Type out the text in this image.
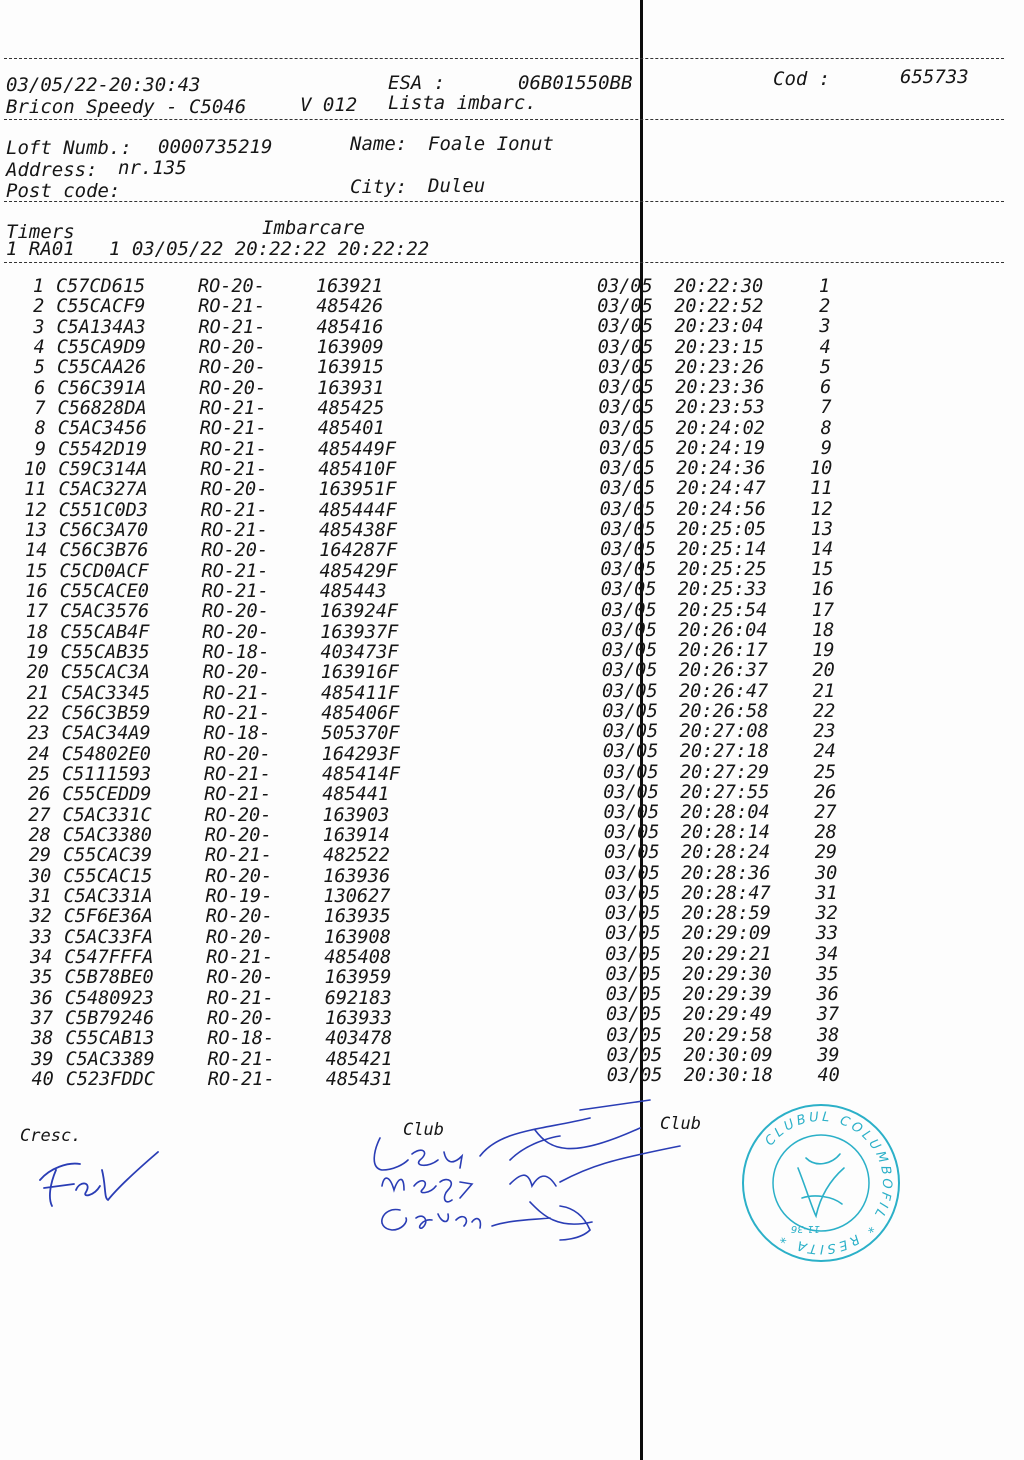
03/05/22-20:30:43	ESA :	06B01550BB	Cod :	655733
Bricon Speedy - C5046	V 012 Lista imbarc.
Loft Numb.: 0000735219	Name: Foale Ionut
Address: nr.135
Post code:	City: Duleu
Imbarcare
Timers
1 RA01   1 03/05/22 20:22:22 20:22:22
1 C57CD615	RO-20-	163921	03/05 20:22:30	1
2 C55CACF9	RO-21-	485426	03/05 20:22:52	2
3 C5A134A3	RO-21-	485416	03/05 20:23:04	3
4 C55CA9D9	RO-20-	163909	03/05 20:23:15	4
5 C55CAA26	RO-20-	163915	03/05 20:23:26	5
6 C56C391A	RO-20-	163931	03/05 20:23:36	6
7 C56828DA	RO-21-	485425	03/05 20:23:53	7
8 C5AC3456	RO-21-	485401	03/05 20:24:02	8
9 C5542D19	RO-21-	485449F	03/05 20:24:19	9
10 C59C314A	RO-21-	485410F	03/05 20:24:36	10
11 C5AC327A	RO-20-	163951F	03/05 20:24:47	11
12 C551C0D3	RO-21-	485444F	03/05 20:24:56	12
13 C56C3A70	RO-21-	485438F	03/05 20:25:05	13
14 C56C3B76	RO-20-	164287F	03/05 20:25:14	14
15 C5CD0ACF	RO-21-	485429F	03/05 20:25:25	15
16 C55CACE0	RO-21-	485443	03/05 20:25:33	16
17 C5AC3576	RO-20-	163924F	03/05 20:25:54	17
18 C55CAB4F	RO-20-	163937F	03/05 20:26:04	18
19 C55CAB35	RO-18-	403473F	03/05 20:26:17	19
20 C55CAC3A	RO-20-	163916F	03/05 20:26:37	20
21 C5AC3345	RO-21-	485411F	03/05 20:26:47	21
22 C56C3B59	RO-21-	485406F	03/05 20:26:58	22
23 C5AC34A9	RO-18-	505370F	03/05 20:27:08	23
24 C54802E0	RO-20-	164293F	03/05 20:27:18	24
25 C5111593	RO-21-	485414F	03/05 20:27:29	25
26 C55CEDD9	RO-21-	485441	03/05 20:27:55	26
27 C5AC331C	RO-20-	163903	03/05 20:28:04	27
28 C5AC3380	RO-20-	163914	03/05 20:28:14	28
29 C55CAC39	RO-21-	482522	03/05 20:28:24	29
30 C55CAC15	RO-20-	163936	03/05 20:28:36	30
31 C5AC331A	RO-19-	130627	03/05 20:28:47	31
32 C5F6E36A	RO-20-	163935	03/05 20:28:59	32
33 C5AC33FA	RO-20-	163908	03/05 20:29:09	33
34 C547FFFA	RO-21-	485408	03/05 20:29:21	34
35 C5B78BE0	RO-20-	163959	03/05 20:29:30	35
36 C5480923	RO-21-	692183	03/05 20:29:39	36
37 C5B79246	RO-20-	163933	03/05 20:29:49	37
38 C55CAB13	RO-18-	403478	03/05 20:29:58	38
39 C5AC3389	RO-21-	485421	03/05 20:30:09	39
40 C523FDDC	RO-21-	485431	03/05 20:30:18	40
Cresc.	Club	Club
CLUBUL COLUMBOFIL * RESITA * 11-36
